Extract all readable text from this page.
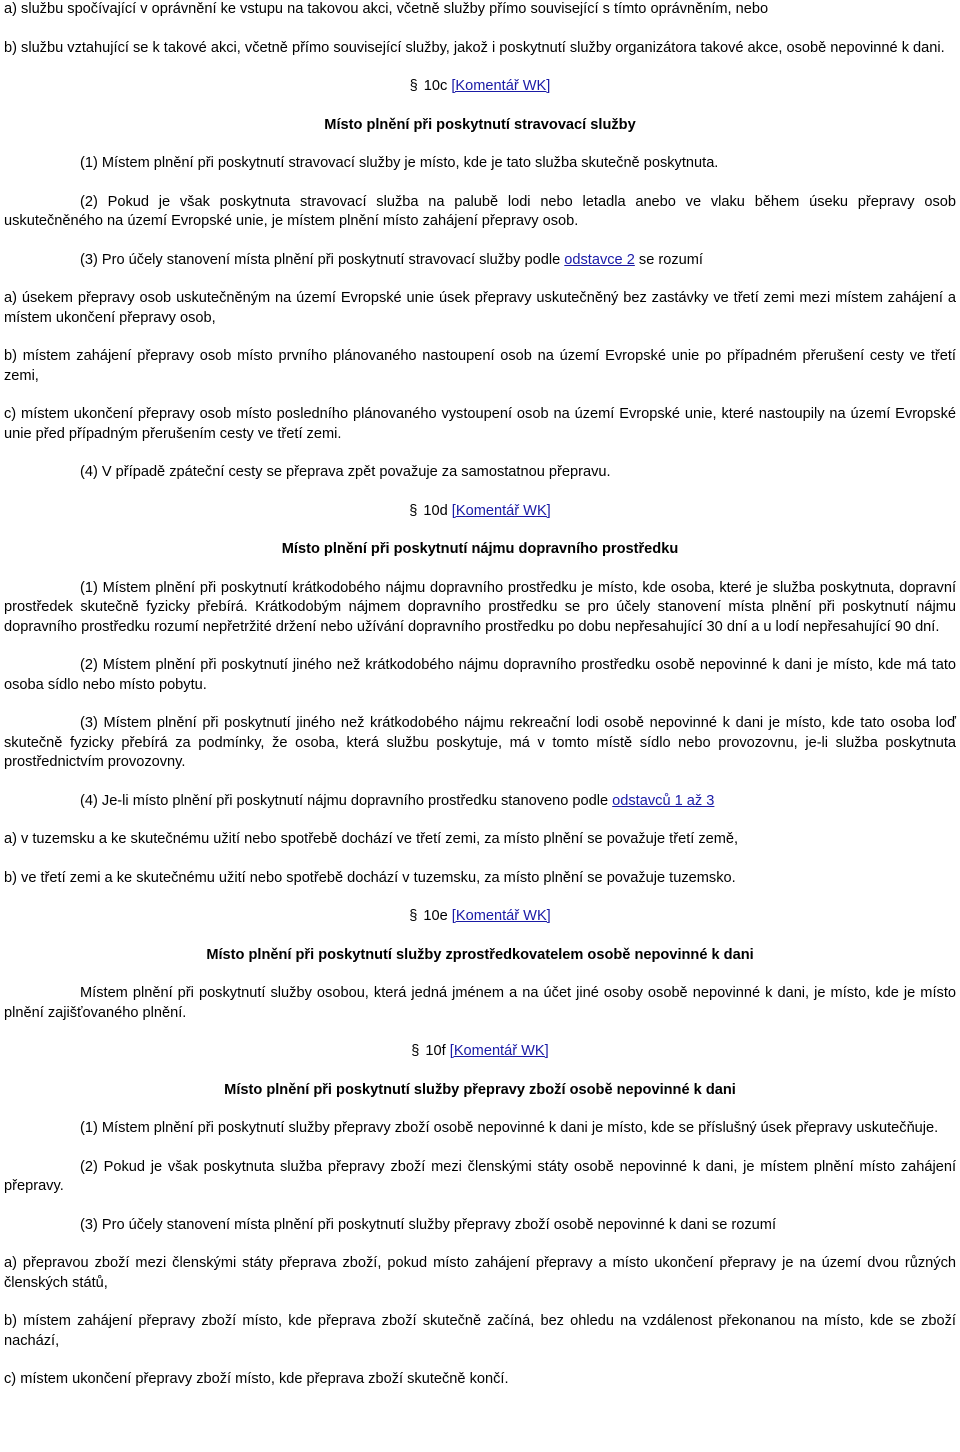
a) službu spočívající v oprávnění ke vstupu na takovou akci, včetně služby přímo související s tímto oprávněním, nebo

b) službu vztahující se k takové akci, včetně přímo související služby, jakož i poskytnutí služby organizátora takové akce, osobě nepovinné k dani.

§10c [Komentář WK]
Místo plnění při poskytnutí stravovací služby

(1) Místem plnění při poskytnutí stravovací služby je místo, kde je tato služba skutečně poskytnuta.

(2) Pokud je však poskytnuta stravovací služba na palubě lodi nebo letadla anebo ve vlaku během úseku přepravy osob uskutečněného na území Evropské unie, je místem plnění místo zahájení přepravy osob.

(3) Pro účely stanovení místa plnění při poskytnutí stravovací služby podle odstavce 2 se rozumí

a) úsekem přepravy osob uskutečněným na území Evropské unie úsek přepravy uskutečněný bez zastávky ve třetí zemi mezi místem zahájení a místem ukončení přepravy osob,

b) místem zahájení přepravy osob místo prvního plánovaného nastoupení osob na území Evropské unie po případném přerušení cesty ve třetí zemi,

c) místem ukončení přepravy osob místo posledního plánovaného vystoupení osob na území Evropské unie, které nastoupily na území Evropské unie před případným přerušením cesty ve třetí zemi.

(4) V případě zpáteční cesty se přeprava zpět považuje za samostatnou přepravu.

§10d [Komentář WK]
Místo plnění při poskytnutí nájmu dopravního prostředku

(1) Místem plnění při poskytnutí krátkodobého nájmu dopravního prostředku je místo, kde osoba, které je služba poskytnuta, dopravní prostředek skutečně fyzicky přebírá. Krátkodobým nájmem dopravního prostředku se pro účely stanovení místa plnění při poskytnutí nájmu dopravního prostředku rozumí nepřetržité držení nebo užívání dopravního prostředku po dobu nepřesahující 30 dní a u lodí nepřesahující 90 dní.

(2) Místem plnění při poskytnutí jiného než krátkodobého nájmu dopravního prostředku osobě nepovinné k dani je místo, kde má tato osoba sídlo nebo místo pobytu.

(3) Místem plnění při poskytnutí jiného než krátkodobého nájmu rekreační lodi osobě nepovinné k dani je místo, kde tato osoba loď skutečně fyzicky přebírá za podmínky, že osoba, která službu poskytuje, má v tomto místě sídlo nebo provozovnu, je-li služba poskytnuta prostřednictvím provozovny.

(4) Je-li místo plnění při poskytnutí nájmu dopravního prostředku stanoveno podle odstavců 1 až 3

a) v tuzemsku a ke skutečnému užití nebo spotřebě dochází ve třetí zemi, za místo plnění se považuje třetí země,

b) ve třetí zemi a ke skutečnému užití nebo spotřebě dochází v tuzemsku, za místo plnění se považuje tuzemsko.

§10e [Komentář WK]
Místo plnění při poskytnutí služby zprostředkovatelem osobě nepovinné k dani

Místem plnění při poskytnutí služby osobou, která jedná jménem a na účet jiné osoby osobě nepovinné k dani, je místo, kde je místo plnění zajišťovaného plnění.

§10f [Komentář WK]
Místo plnění při poskytnutí služby přepravy zboží osobě nepovinné k dani

(1) Místem plnění při poskytnutí služby přepravy zboží osobě nepovinné k dani je místo, kde se příslušný úsek přepravy uskutečňuje.

(2) Pokud je však poskytnuta služba přepravy zboží mezi členskými státy osobě nepovinné k dani, je místem plnění místo zahájení přepravy.

(3) Pro účely stanovení místa plnění při poskytnutí služby přepravy zboží osobě nepovinné k dani se rozumí

a) přepravou zboží mezi členskými státy přeprava zboží, pokud místo zahájení přepravy a místo ukončení přepravy je na území dvou různých členských států,

b) místem zahájení přepravy zboží místo, kde přeprava zboží skutečně začíná, bez ohledu na vzdálenost překonanou na místo, kde se zboží nachází,

c) místem ukončení přepravy zboží místo, kde přeprava zboží skutečně končí.
